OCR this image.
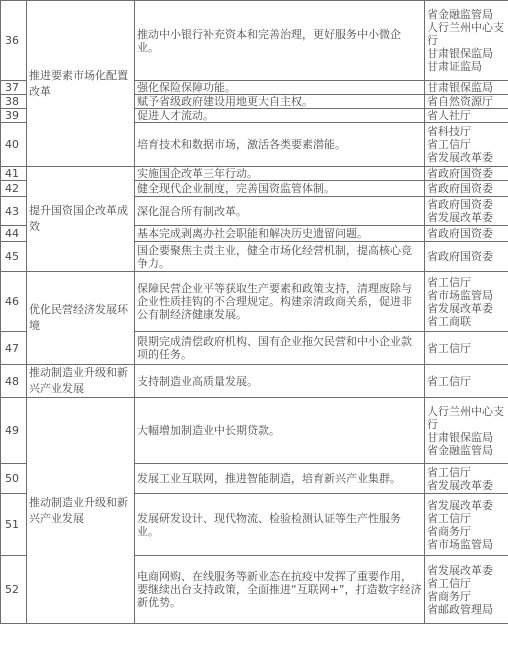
36	推进要素市场化配置改革	推动中小银行补充资本和完善治理，更好服务中小微企业。	省金融监管局
人行兰州中心支行
甘肃银保监局
甘肃证监局
37		强化保险保障功能。	甘肃银保监局
38		赋予省级政府建设用地更大自主权。	省自然资源厅
39		促进人才流动。	省人社厅
40		培育技术和数据市场，激活各类要素潜能。	省科技厅
省工信厅
省发展改革委
41	提升国资国企改革成效	实施国企改革三年行动。	省政府国资委
42		健全现代企业制度，完善国资监管体制。	省政府国资委
43		深化混合所有制改革。	省政府国资委
省发展改革委
44		基本完成剥离办社会职能和解决历史遗留问题。	省政府国资委
45		国企要聚焦主责主业，健全市场化经营机制，提高核心竞争力。	省政府国资委
46	优化民营经济发展环境	保障民营企业平等获取生产要素和政策支持，清理废除与企业性质挂钩的不合理规定。构建亲清政商关系，促进非公有制经济健康发展。	省工信厅
省市场监管局
省发展改革委
省工商联
47		限期完成清偿政府机构、国有企业拖欠民营和中小企业款项的任务。	省工信厅
48	推动制造业升级和新兴产业发展	支持制造业高质量发展。	省工信厅
49	推动制造业升级和新兴产业发展	大幅增加制造业中长期贷款。	人行兰州中心支行
甘肃银保监局
省金融监管局
50		发展工业互联网，推进智能制造，培育新兴产业集群。	省工信厅
省发展改革委
51		发展研发设计、现代物流、检验检测认证等生产性服务业。	省发展改革委
省工信厅
省商务厅
省市场监管局
52		电商网购、在线服务等新业态在抗疫中发挥了重要作用，要继续出台支持政策，全面推进“互联网+”，打造数字经济新优势。	省发展改革委
省工信厅
省商务厅
省邮政管理局
